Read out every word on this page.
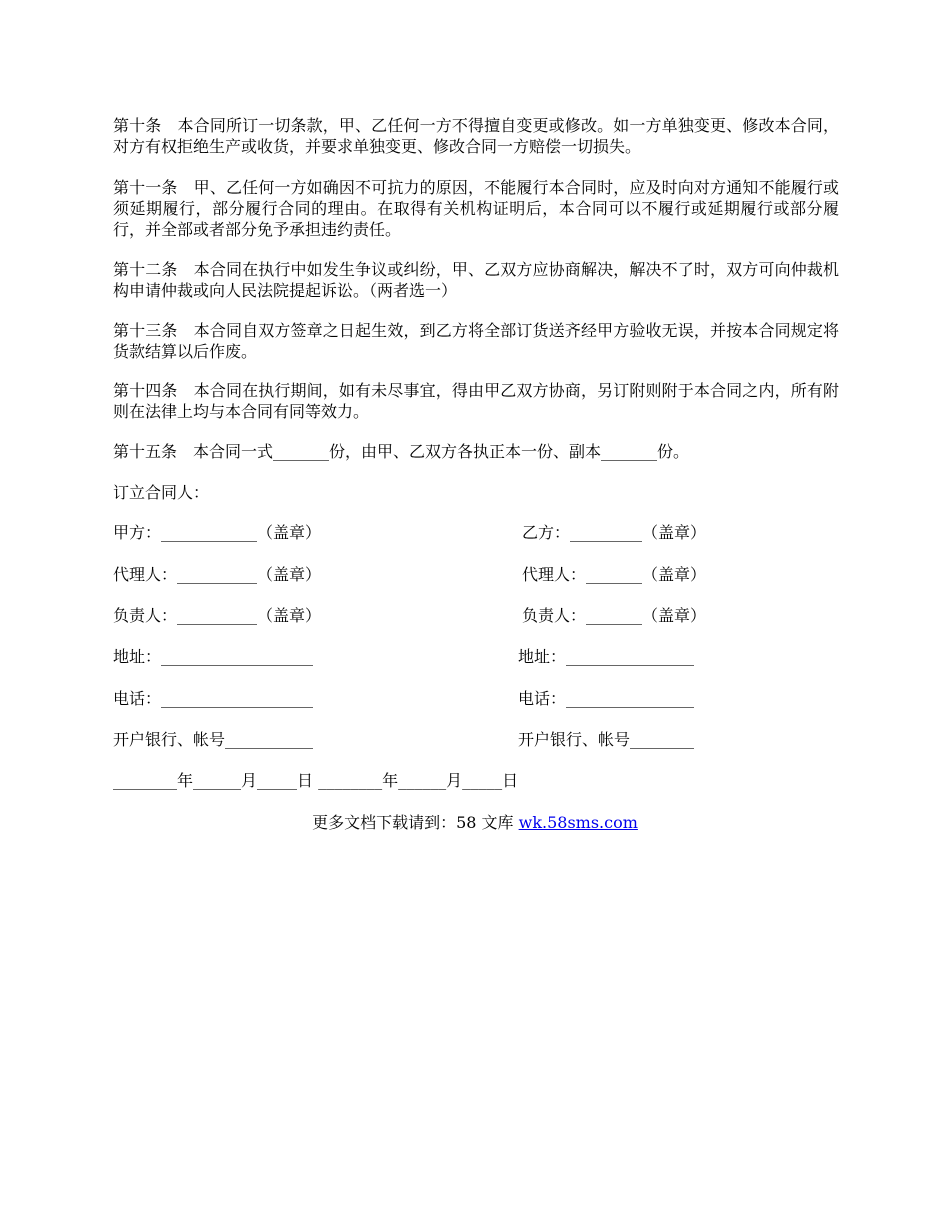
第十条　本合同所订一切条款，甲、乙任何一方不得擅自变更或修改。如一方单独变更、修改本合同，对方有权拒绝生产或收货，并要求单独变更、修改合同一方赔偿一切损失。

第十一条　甲、乙任何一方如确因不可抗力的原因，不能履行本合同时，应及时向对方通知不能履行或须延期履行，部分履行合同的理由。在取得有关机构证明后，本合同可以不履行或延期履行或部分履行，并全部或者部分免予承担违约责任。

第十二条　本合同在执行中如发生争议或纠纷，甲、乙双方应协商解决，解决不了时，双方可向仲裁机构申请仲裁或向人民法院提起诉讼。（两者选一）

第十三条　本合同自双方签章之日起生效，到乙方将全部订货送齐经甲方验收无误，并按本合同规定将货款结算以后作废。

第十四条　本合同在执行期间，如有未尽事宜，得由甲乙双方协商，另订附则附于本合同之内，所有附则在法律上均与本合同有同等效力。

第十五条　本合同一式_______份，由甲、乙双方各执正本一份、副本_______份。

订立合同人：

甲方：____________（盖章）	乙方：_________（盖章）

代理人：__________（盖章）	代理人：_______（盖章）

负责人：__________（盖章）	负责人：_______（盖章）

地址：___________________	地址：________________

电话：___________________	电话：________________

开户银行、帐号___________	开户银行、帐号________

________年______月_____日 ________年______月_____日

更多文档下载请到：58 文库 wk.58sms.com
